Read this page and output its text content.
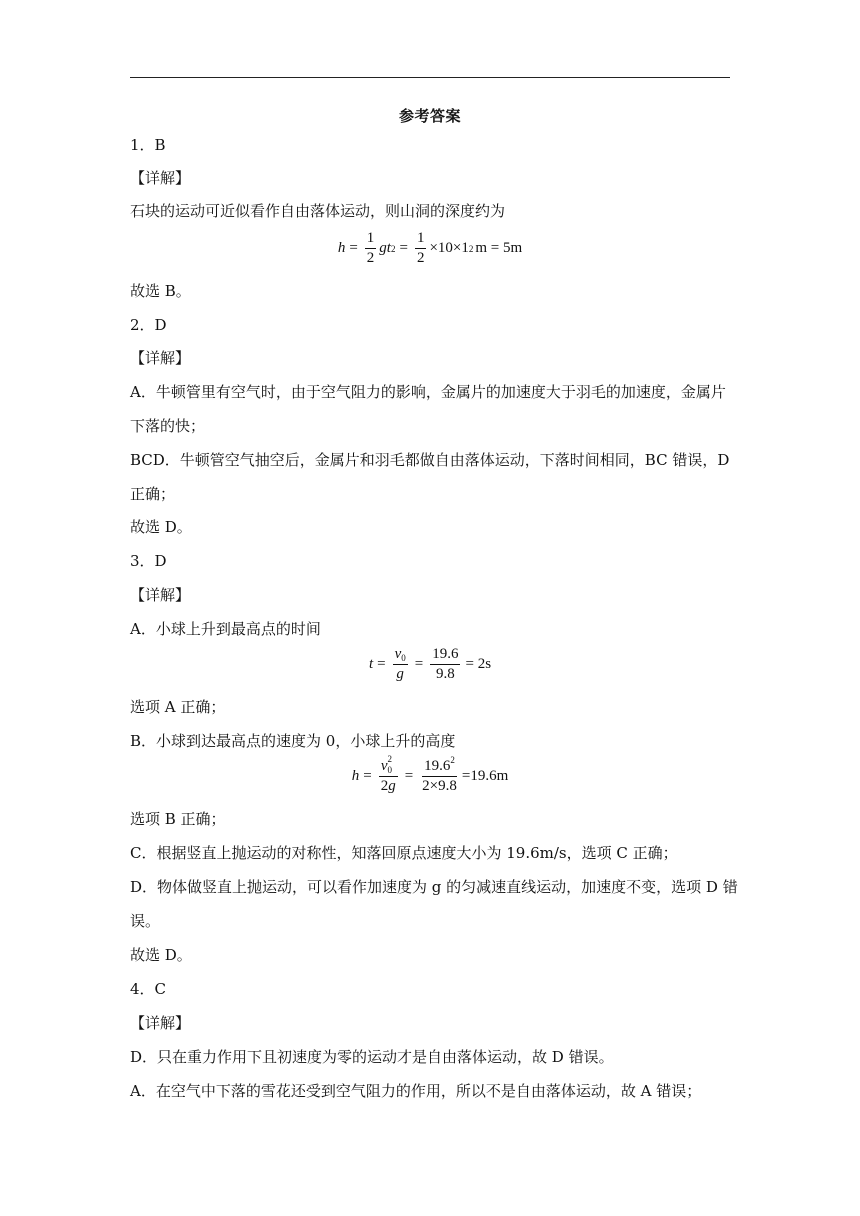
参考答案
1．B
【详解】
石块的运动可近似看作自由落体运动，则山洞的深度约为
$h = \frac{1}{2}$ g t $2 = \frac{1}{2} \times 10\times 1$ 2 m = 5m
故选 B。
2．D
【详解】
A．牛顿管里有空气时，由于空气阻力的影响，金属片的加速度大于羽毛的加速度，金属片
下落的快；
BCD．牛顿管空气抽空后，金属片和羽毛都做自由落体运动，下落时间相同，BC 错误，D
正确；
故选 D。
3．D
【详解】
A．小球上升到最高点的时间
$t = \frac{v_0}{g} = \frac{19.6}{9.8} = 2s$
选项 A 正确；
B．小球到达最高点的速度为 0，小球上升的高度
h = v 2
0
$2g = \frac{19.6^2}{2\times 9.8} =19.6m$
选项 B 正确；
C．根据竖直上抛运动的对称性，知落回原点速度大小为 19.6m/s，选项 C 正确；
D．物体做竖直上抛运动，可以看作加速度为 g 的匀减速直线运动，加速度不变，选项 D 错
误。
故选 D。
4．C
【详解】
D．只在重力作用下且初速度为零的运动才是自由落体运动，故 D 错误。
A．在空气中下落的雪花还受到空气阻力的作用，所以不是自由落体运动，故 A 错误；
